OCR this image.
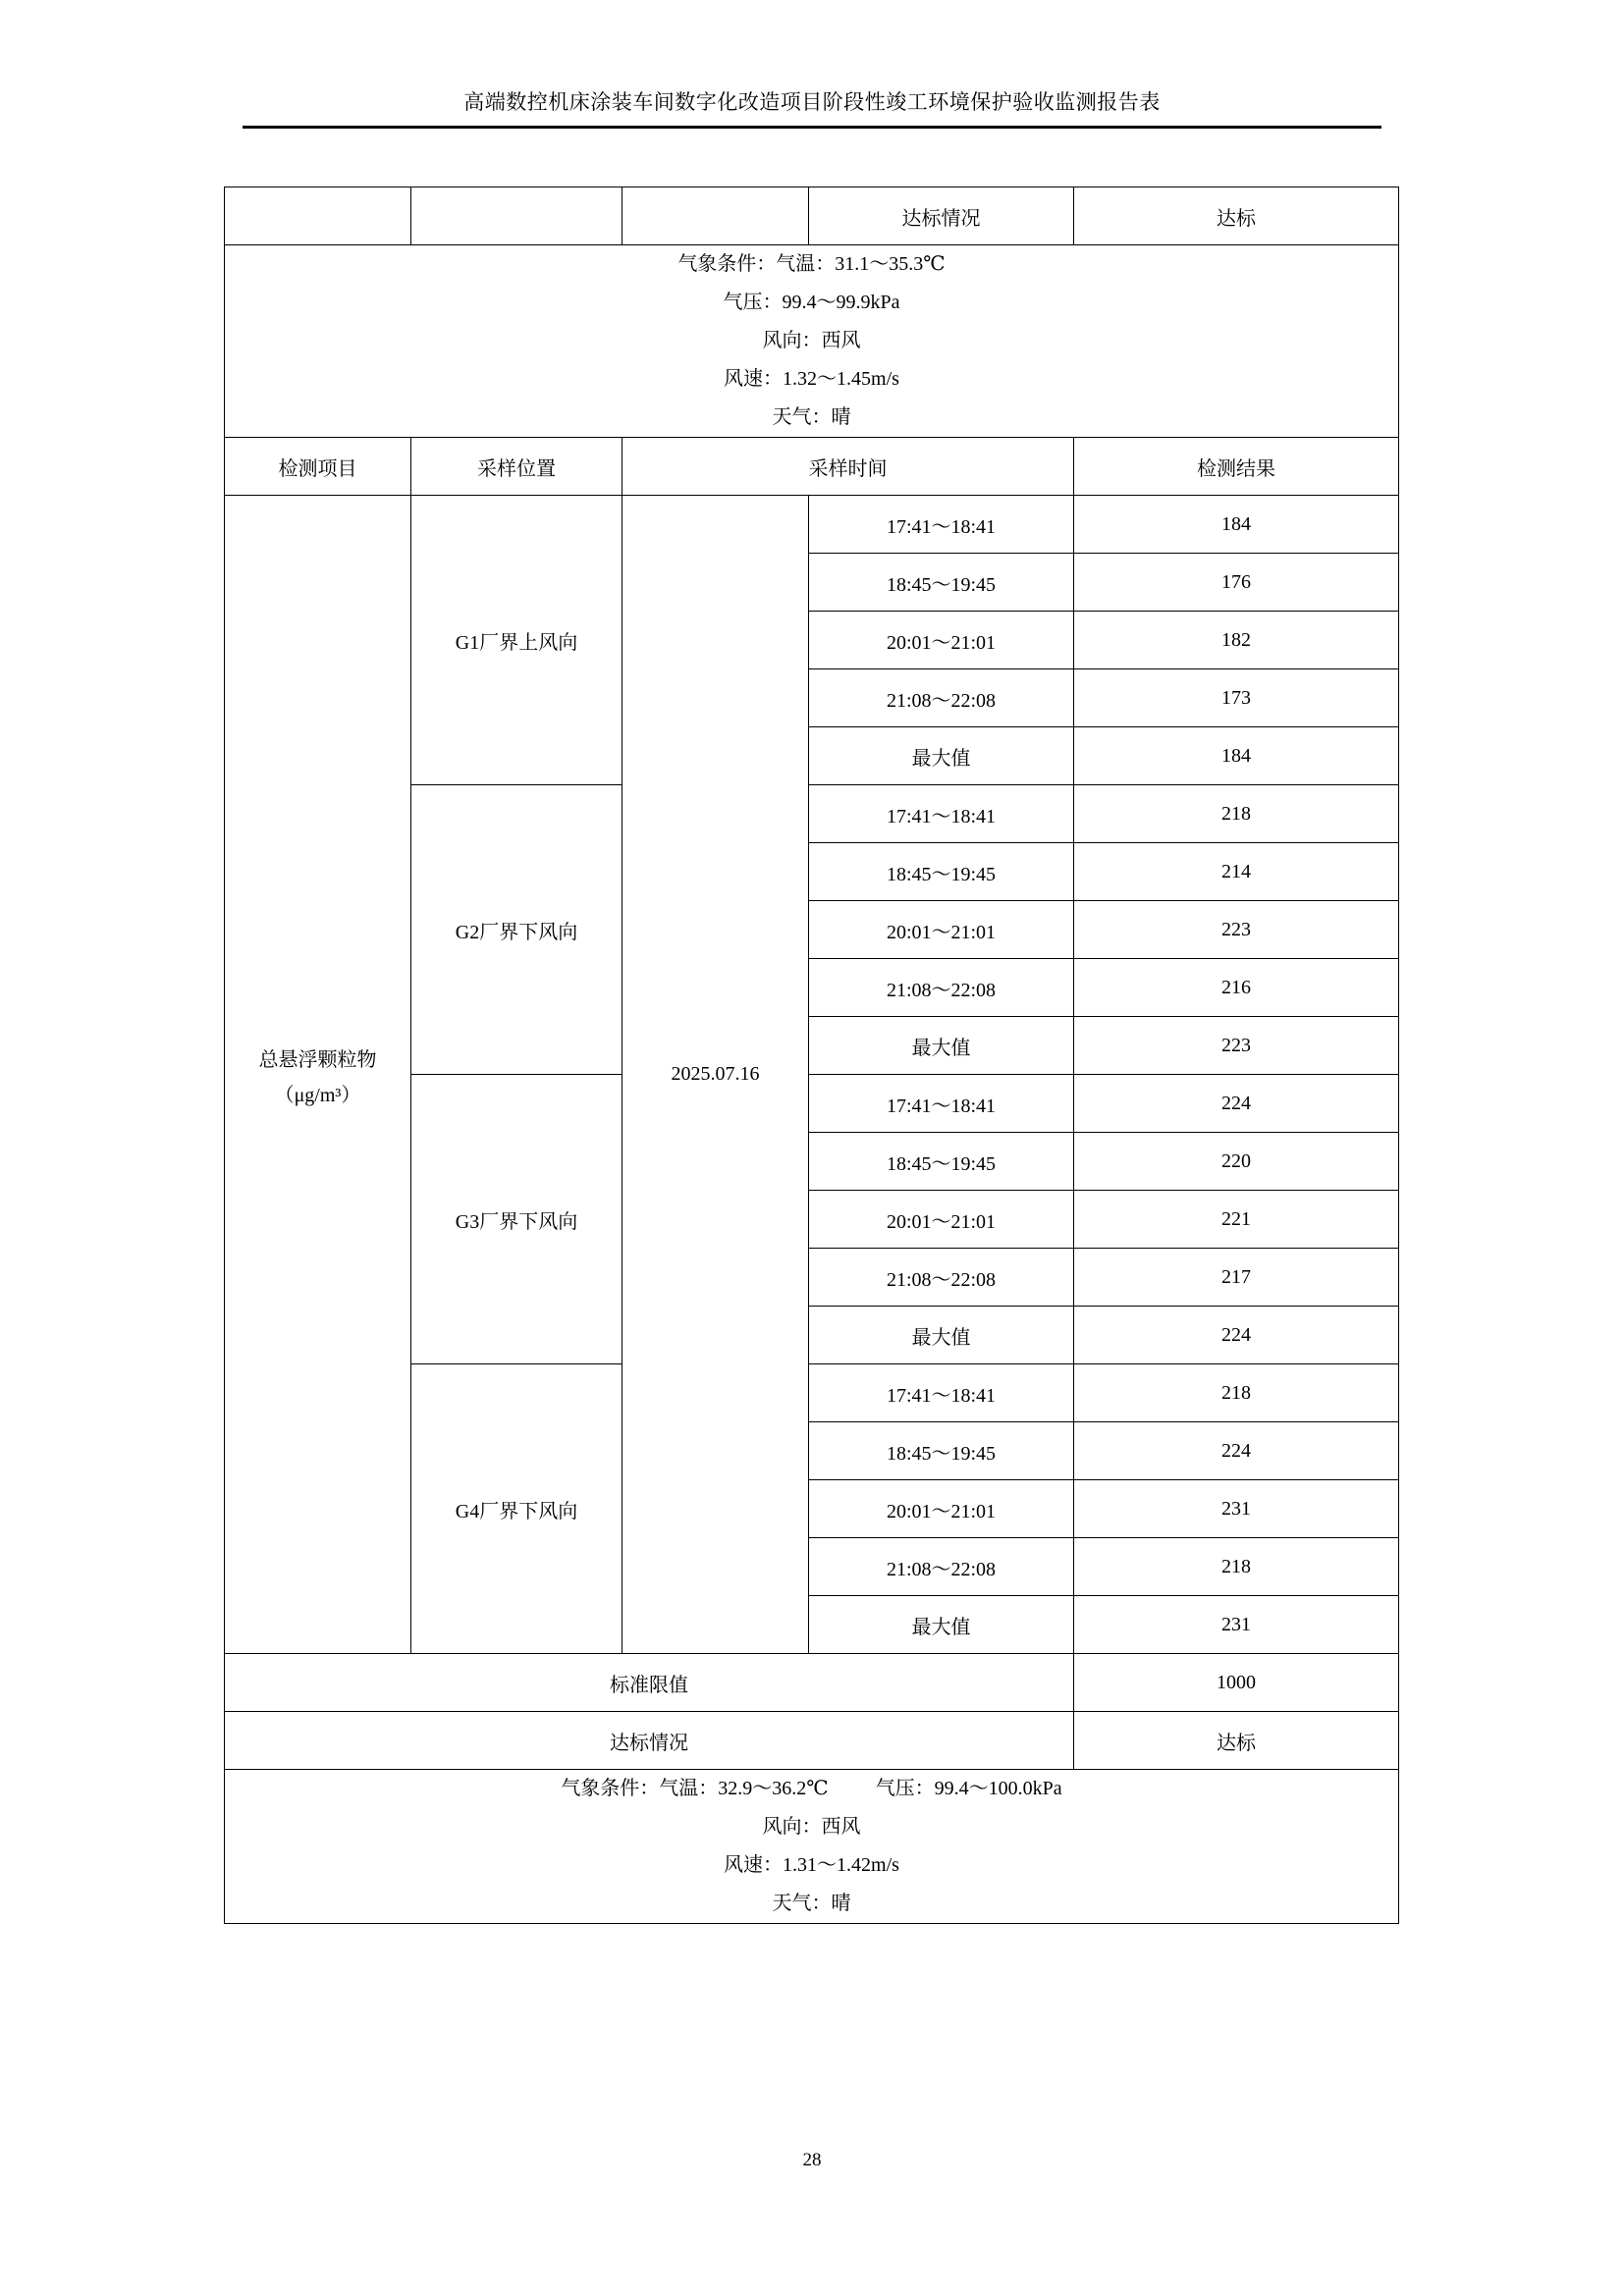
高端数控机床涂装车间数字化改造项目阶段性竣工环境保护验收监测报告表
			达标情况	达标

气象条件：气温：31.1～35.3℃
气压：99.4～99.9kPa
风向：西风
风速：1.32～1.45m/s
天气：晴				

检测项目	采样位置	采样时间		检测结果

总悬浮颗粒物
（μg/m³）	G1厂界上风向	2025.07.16	17:41～18:41	184
			18:45～19:45	176
			20:01～21:01	182
			21:08～22:08	173
			最大值	184
	G2厂界下风向		17:41～18:41	218
			18:45～19:45	214
			20:01～21:01	223
			21:08～22:08	216
			最大值	223
	G3厂界下风向		17:41～18:41	224
			18:45～19:45	220
			20:01～21:01	221
			21:08～22:08	217
			最大值	224
	G4厂界下风向		17:41～18:41	218
			18:45～19:45	224
			20:01～21:01	231
			21:08～22:08	218
			最大值	231
标准限值				1000
达标情况				达标

气象条件：气温：32.9～36.2℃ 气压：99.4～100.0kPa
风向：西风
风速：1.31～1.42m/s
天气：晴				
28
